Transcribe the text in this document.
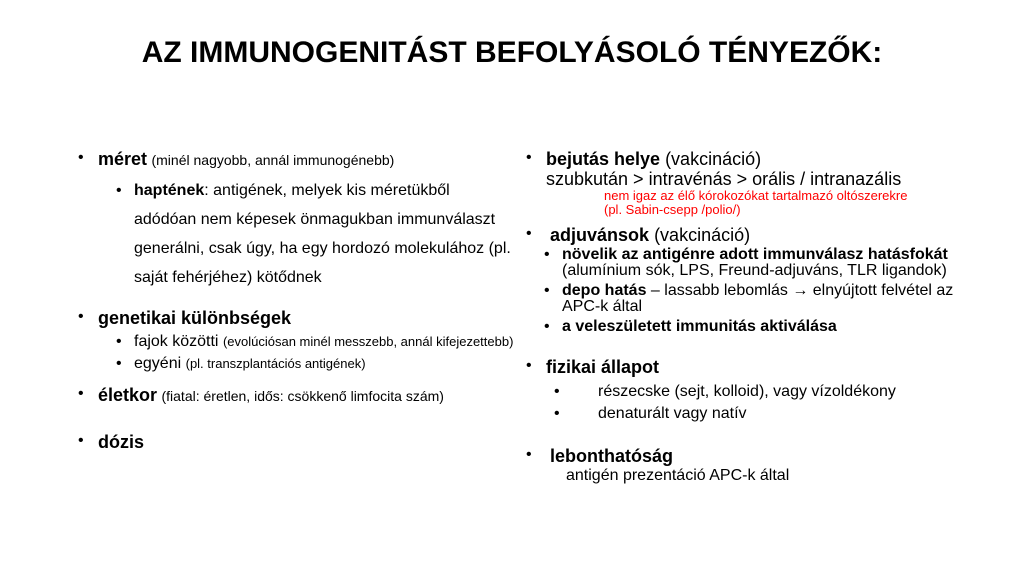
AZ IMMUNOGENITÁST BEFOLYÁSOLÓ TÉNYEZŐK:
• méret (minél nagyobb, annál immunogénebb)
• haptének: antigének, melyek kis méretükből adódóan nem képesek önmagukban immunválaszt generálni, csak úgy, ha egy hordozó molekulához (pl. saját fehérjéhez) kötődnek
• genetikai különbségek
• fajok közötti (evolúciósan minél messzebb, annál kifejezettebb)
• egyéni (pl. transzplantációs antigének)
• életkor (fiatal: éretlen, idős: csökkenő limfocita szám)
• dózis
• bejutás helye (vakcináció)
szubkután > intravénás > orális / intranazális
nem igaz az élő kórokozókat tartalmazó oltószerekre
(pl. Sabin-csepp /polio/)
• adjuvánsok (vakcináció)
• növelik az antigénre adott immunválasz hatásfokát (alumínium sók, LPS, Freund-adjuváns, TLR ligandok)
• depo hatás – lassabb lebomlás → elnyújtott felvétel az APC-k által
• a veleszületett immunitás aktiválása
• fizikai állapot
• részecske (sejt, kolloid), vagy vízoldékony
• denaturált vagy natív
• lebonthatóság
antigén prezentáció APC-k által
